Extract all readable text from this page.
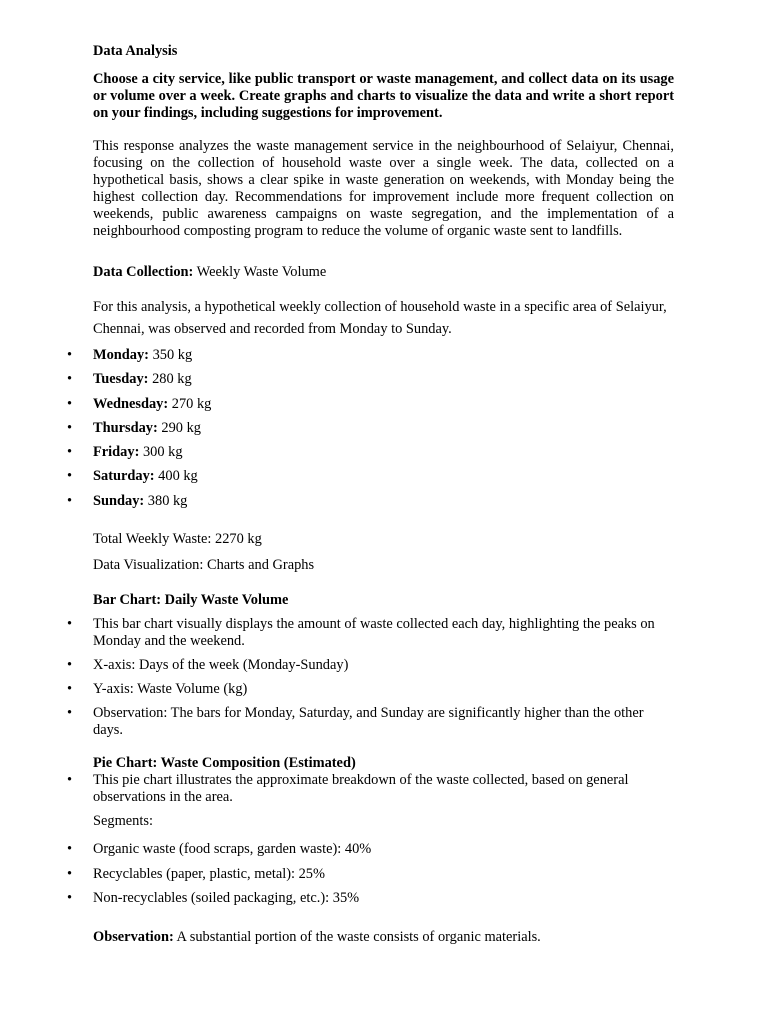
Data Analysis

Choose a city service, like public transport or waste management, and collect data on its usage or volume over a week. Create graphs and charts to visualize the data and write a short report on your findings, including suggestions for improvement.

This response analyzes the waste management service in the neighbourhood of Selaiyur, Chennai, focusing on the collection of household waste over a single week. The data, collected on a hypothetical basis, shows a clear spike in waste generation on weekends, with Monday being the highest collection day. Recommendations for improvement include more frequent collection on weekends, public awareness campaigns on waste segregation, and the implementation of a neighbourhood composting program to reduce the volume of organic waste sent to landfills.

Data Collection: Weekly Waste Volume

For this analysis, a hypothetical weekly collection of household waste in a specific area of Selaiyur, Chennai, was observed and recorded from Monday to Sunday.

• Monday: 350 kg
• Tuesday: 280 kg
• Wednesday: 270 kg
• Thursday: 290 kg
• Friday: 300 kg
• Saturday: 400 kg
• Sunday: 380 kg

Total Weekly Waste: 2270 kg

Data Visualization: Charts and Graphs

Bar Chart: Daily Waste Volume

• This bar chart visually displays the amount of waste collected each day, highlighting the peaks on Monday and the weekend.
• X-axis: Days of the week (Monday-Sunday)
• Y-axis: Waste Volume (kg)
• Observation: The bars for Monday, Saturday, and Sunday are significantly higher than the other days.

Pie Chart: Waste Composition (Estimated)

• This pie chart illustrates the approximate breakdown of the waste collected, based on general observations in the area.

Segments:

• Organic waste (food scraps, garden waste): 40%
• Recyclables (paper, plastic, metal): 25%
• Non-recyclables (soiled packaging, etc.): 35%

Observation: A substantial portion of the waste consists of organic materials.
